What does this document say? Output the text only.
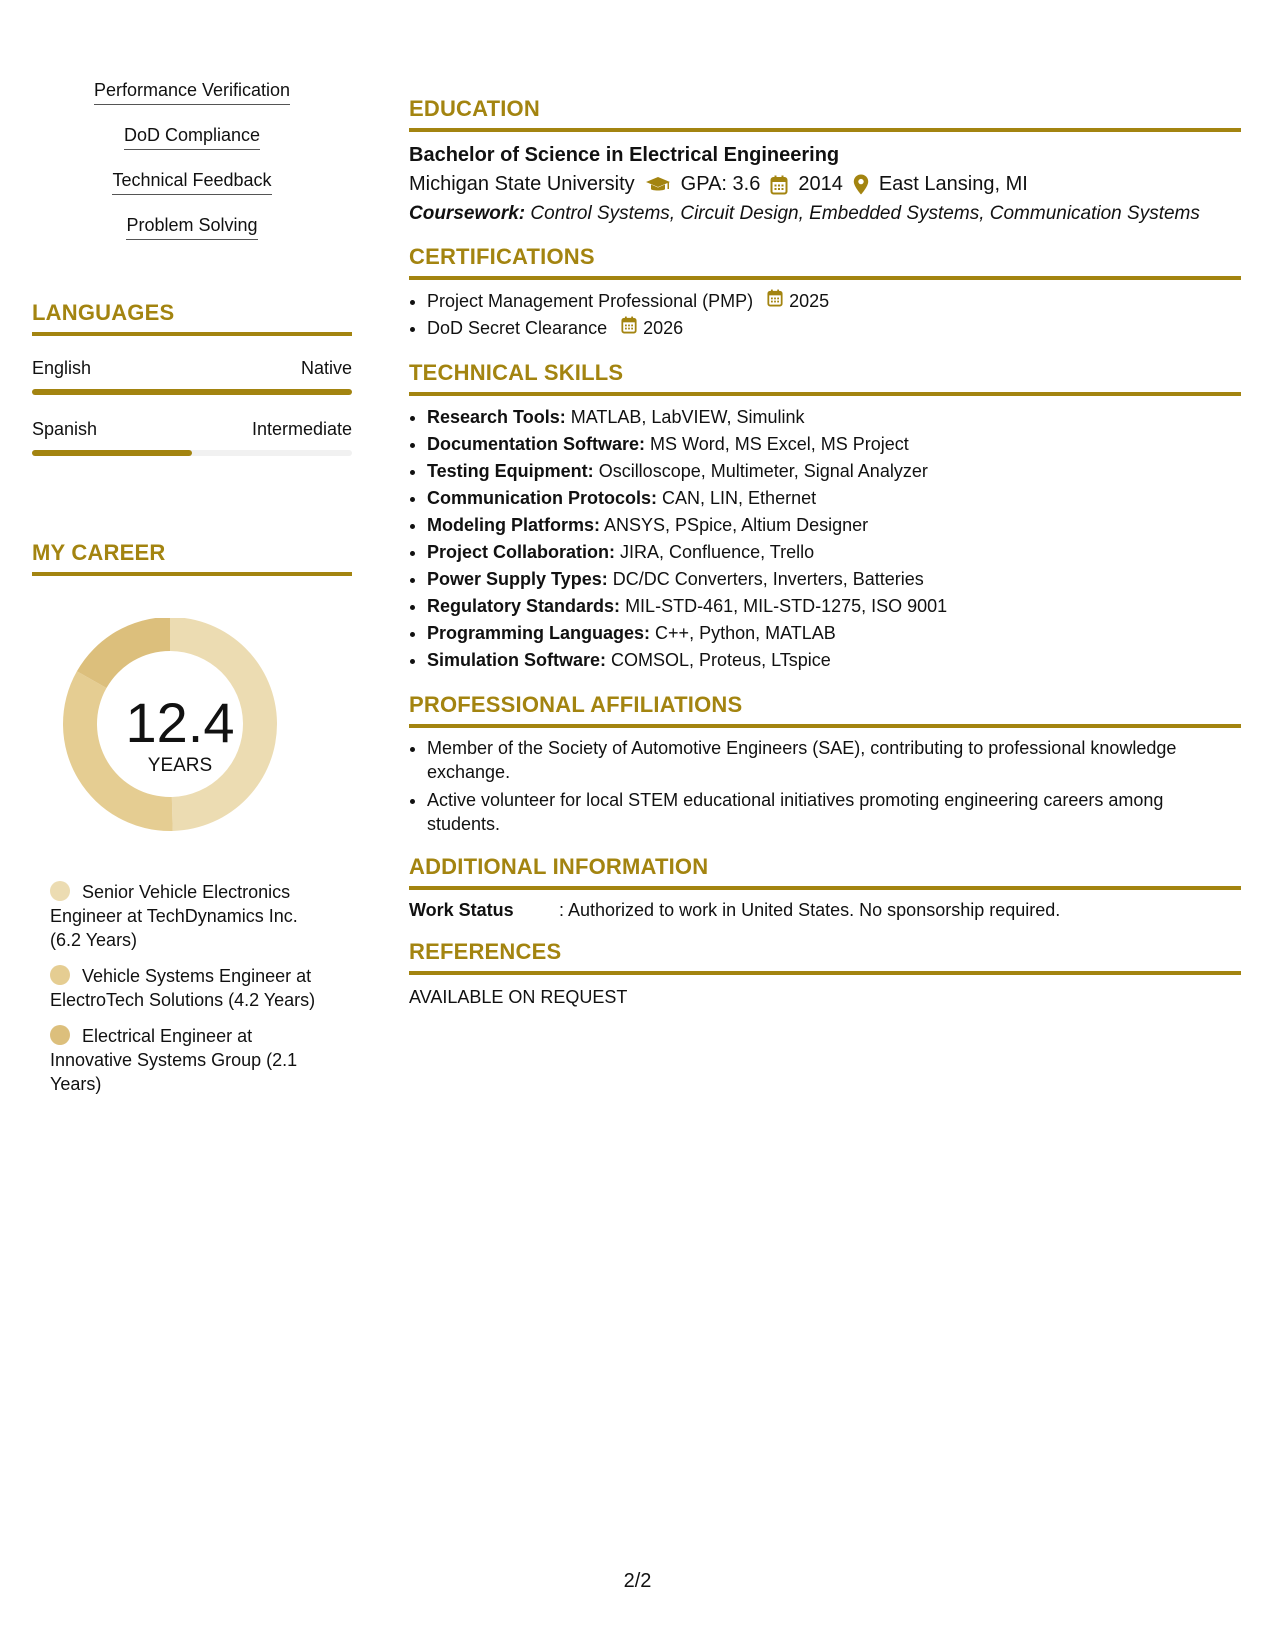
Performance Verification
DoD Compliance
Technical Feedback
Problem Solving
LANGUAGES
English	Native
Spanish	Intermediate
MY CAREER
12.4
YEARS
Senior Vehicle Electronics Engineer at TechDynamics Inc. (6.2 Years)
Vehicle Systems Engineer at ElectroTech Solutions (4.2 Years)
Electrical Engineer at Innovative Systems Group (2.1 Years)
EDUCATION
Bachelor of Science in Electrical Engineering
Michigan State University GPA: 3.6 2014 East Lansing, MI
Coursework: Control Systems, Circuit Design, Embedded Systems, Communication Systems
CERTIFICATIONS
• Project Management Professional (PMP) 2025
• DoD Secret Clearance 2026
TECHNICAL SKILLS
• Research Tools: MATLAB, LabVIEW, Simulink
• Documentation Software: MS Word, MS Excel, MS Project
• Testing Equipment: Oscilloscope, Multimeter, Signal Analyzer
• Communication Protocols: CAN, LIN, Ethernet
• Modeling Platforms: ANSYS, PSpice, Altium Designer
• Project Collaboration: JIRA, Confluence, Trello
• Power Supply Types: DC/DC Converters, Inverters, Batteries
• Regulatory Standards: MIL-STD-461, MIL-STD-1275, ISO 9001
• Programming Languages: C++, Python, MATLAB
• Simulation Software: COMSOL, Proteus, LTspice
PROFESSIONAL AFFILIATIONS
• Member of the Society of Automotive Engineers (SAE), contributing to professional knowledge exchange.
• Active volunteer for local STEM educational initiatives promoting engineering careers among students.
ADDITIONAL INFORMATION
Work Status	: Authorized to work in United States. No sponsorship required.
REFERENCES
AVAILABLE ON REQUEST
2/2
